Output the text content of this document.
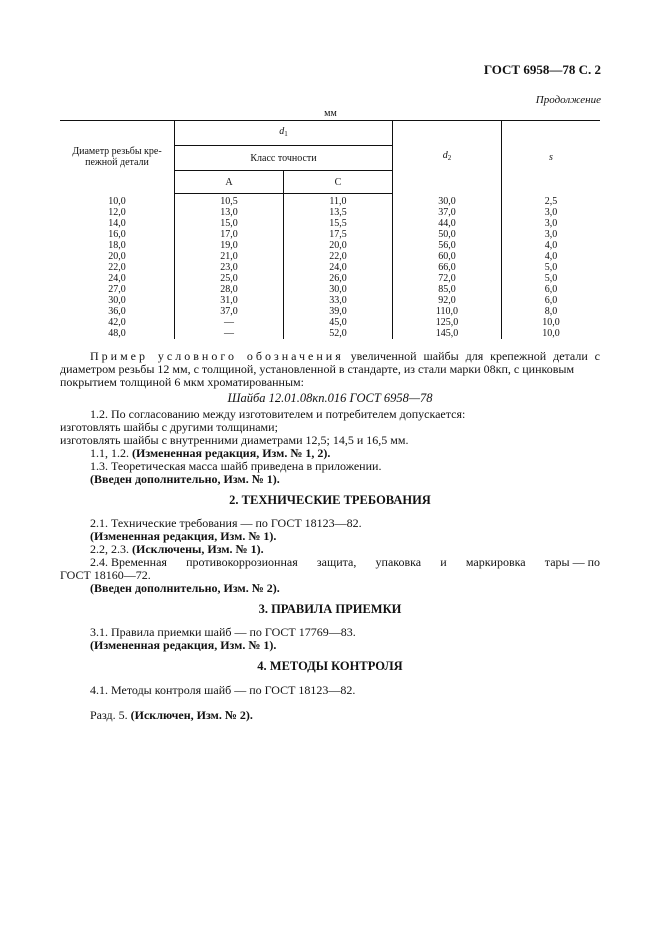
ГОСТ 6958—78 С. 2
Продолжение
мм
Диаметр резьбы кре-
пежной детали	$d_1$		$d_2$	s
	Класс точности			
	A	C		
10,0	10,5	11,0	30,0	2,5
12,0	13,0	13,5	37,0	3,0
14,0	15,0	15,5	44,0	3,0
16,0	17,0	17,5	50,0	3,0
18,0	19,0	20,0	56,0	4,0
20,0	21,0	22,0	60,0	4,0
22,0	23,0	24,0	66,0	5,0
24,0	25,0	26,0	72,0	5,0
27,0	28,0	30,0	85,0	6,0
30,0	31,0	33,0	92,0	6,0
36,0	37,0	39,0	110,0	8,0
42,0	—	45,0	125,0	10,0
48,0	—	52,0	145,0	10,0
Пример условного обозначения увеличенной шайбы для крепежной детали с
диаметром резьбы 12 мм, с толщиной, установленной в стандарте, из стали марки 08кп, с цинковым
покрытием толщиной 6 мкм хроматированным:
Шайба 12.01.08кп.016 ГОСТ 6958—78
1.2. По согласованию между изготовителем и потребителем допускается:
изготовлять шайбы с другими толщинами;
изготовлять шайбы с внутренними диаметрами 12,5; 14,5 и 16,5 мм.
1.1, 1.2. (Измененная редакция, Изм. № 1, 2).
1.3. Теоретическая масса шайб приведена в приложении.
(Введен дополнительно, Изм. № 1).
2. ТЕХНИЧЕСКИЕ ТРЕБОВАНИЯ
2.1. Технические требования — по ГОСТ 18123—82.
(Измененная редакция, Изм. № 1).
2.2, 2.3. (Исключены, Изм. № 1).
2.4. Временная противокоррозионная защита, упаковка и маркировка тары — по
ГОСТ 18160—72.
(Введен дополнительно, Изм. № 2).
3. ПРАВИЛА ПРИЕМКИ
3.1. Правила приемки шайб — по ГОСТ 17769—83.
(Измененная редакция, Изм. № 1).
4. МЕТОДЫ КОНТРОЛЯ
4.1. Методы контроля шайб — по ГОСТ 18123—82.
Разд. 5. (Исключен, Изм. № 2).
